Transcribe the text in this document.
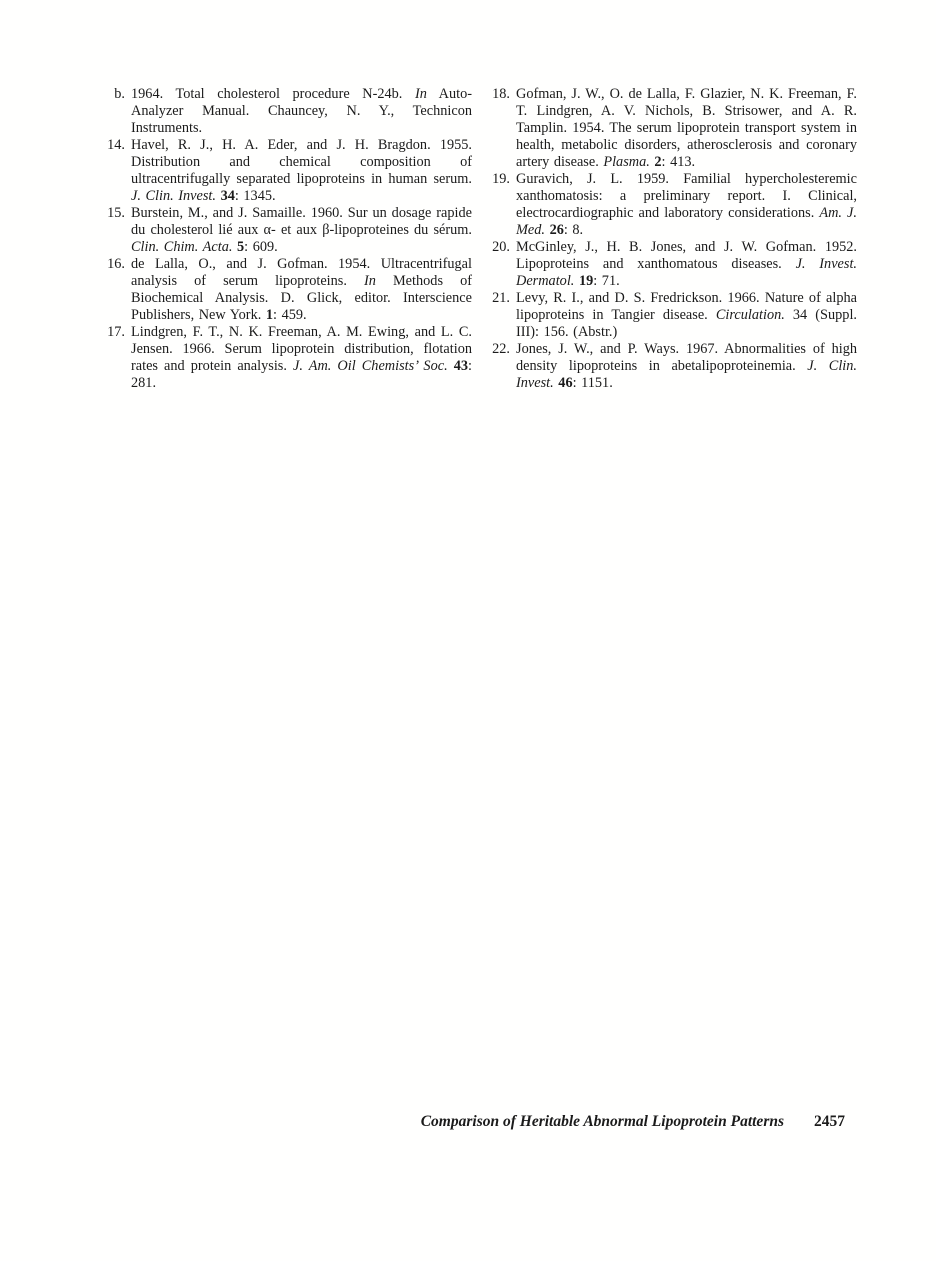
b. 1964. Total cholesterol procedure N-24b. In Auto-Analyzer Manual. Chauncey, N. Y., Technicon Instruments.
14. Havel, R. J., H. A. Eder, and J. H. Bragdon. 1955. Distribution and chemical composition of ultracentrifugally separated lipoproteins in human serum. J. Clin. Invest. 34: 1345.
15. Burstein, M., and J. Samaille. 1960. Sur un dosage rapide du cholesterol lié aux α- et aux β-lipoproteines du sérum. Clin. Chim. Acta. 5: 609.
16. de Lalla, O., and J. Gofman. 1954. Ultracentrifugal analysis of serum lipoproteins. In Methods of Biochemical Analysis. D. Glick, editor. Interscience Publishers, New York. 1: 459.
17. Lindgren, F. T., N. K. Freeman, A. M. Ewing, and L. C. Jensen. 1966. Serum lipoprotein distribution, flotation rates and protein analysis. J. Am. Oil Chemists’ Soc. 43: 281.
18. Gofman, J. W., O. de Lalla, F. Glazier, N. K. Freeman, F. T. Lindgren, A. V. Nichols, B. Strisower, and A. R. Tamplin. 1954. The serum lipoprotein transport system in health, metabolic disorders, atherosclerosis and coronary artery disease. Plasma. 2: 413.
19. Guravich, J. L. 1959. Familial hypercholesteremic xanthomatosis: a preliminary report. I. Clinical, electrocardiographic and laboratory considerations. Am. J. Med. 26: 8.
20. McGinley, J., H. B. Jones, and J. W. Gofman. 1952. Lipoproteins and xanthomatous diseases. J. Invest. Dermatol. 19: 71.
21. Levy, R. I., and D. S. Fredrickson. 1966. Nature of alpha lipoproteins in Tangier disease. Circulation. 34 (Suppl. III): 156. (Abstr.)
22. Jones, J. W., and P. Ways. 1967. Abnormalities of high density lipoproteins in abetalipoproteinemia. J. Clin. Invest. 46: 1151.
Comparison of Heritable Abnormal Lipoprotein Patterns 2457
